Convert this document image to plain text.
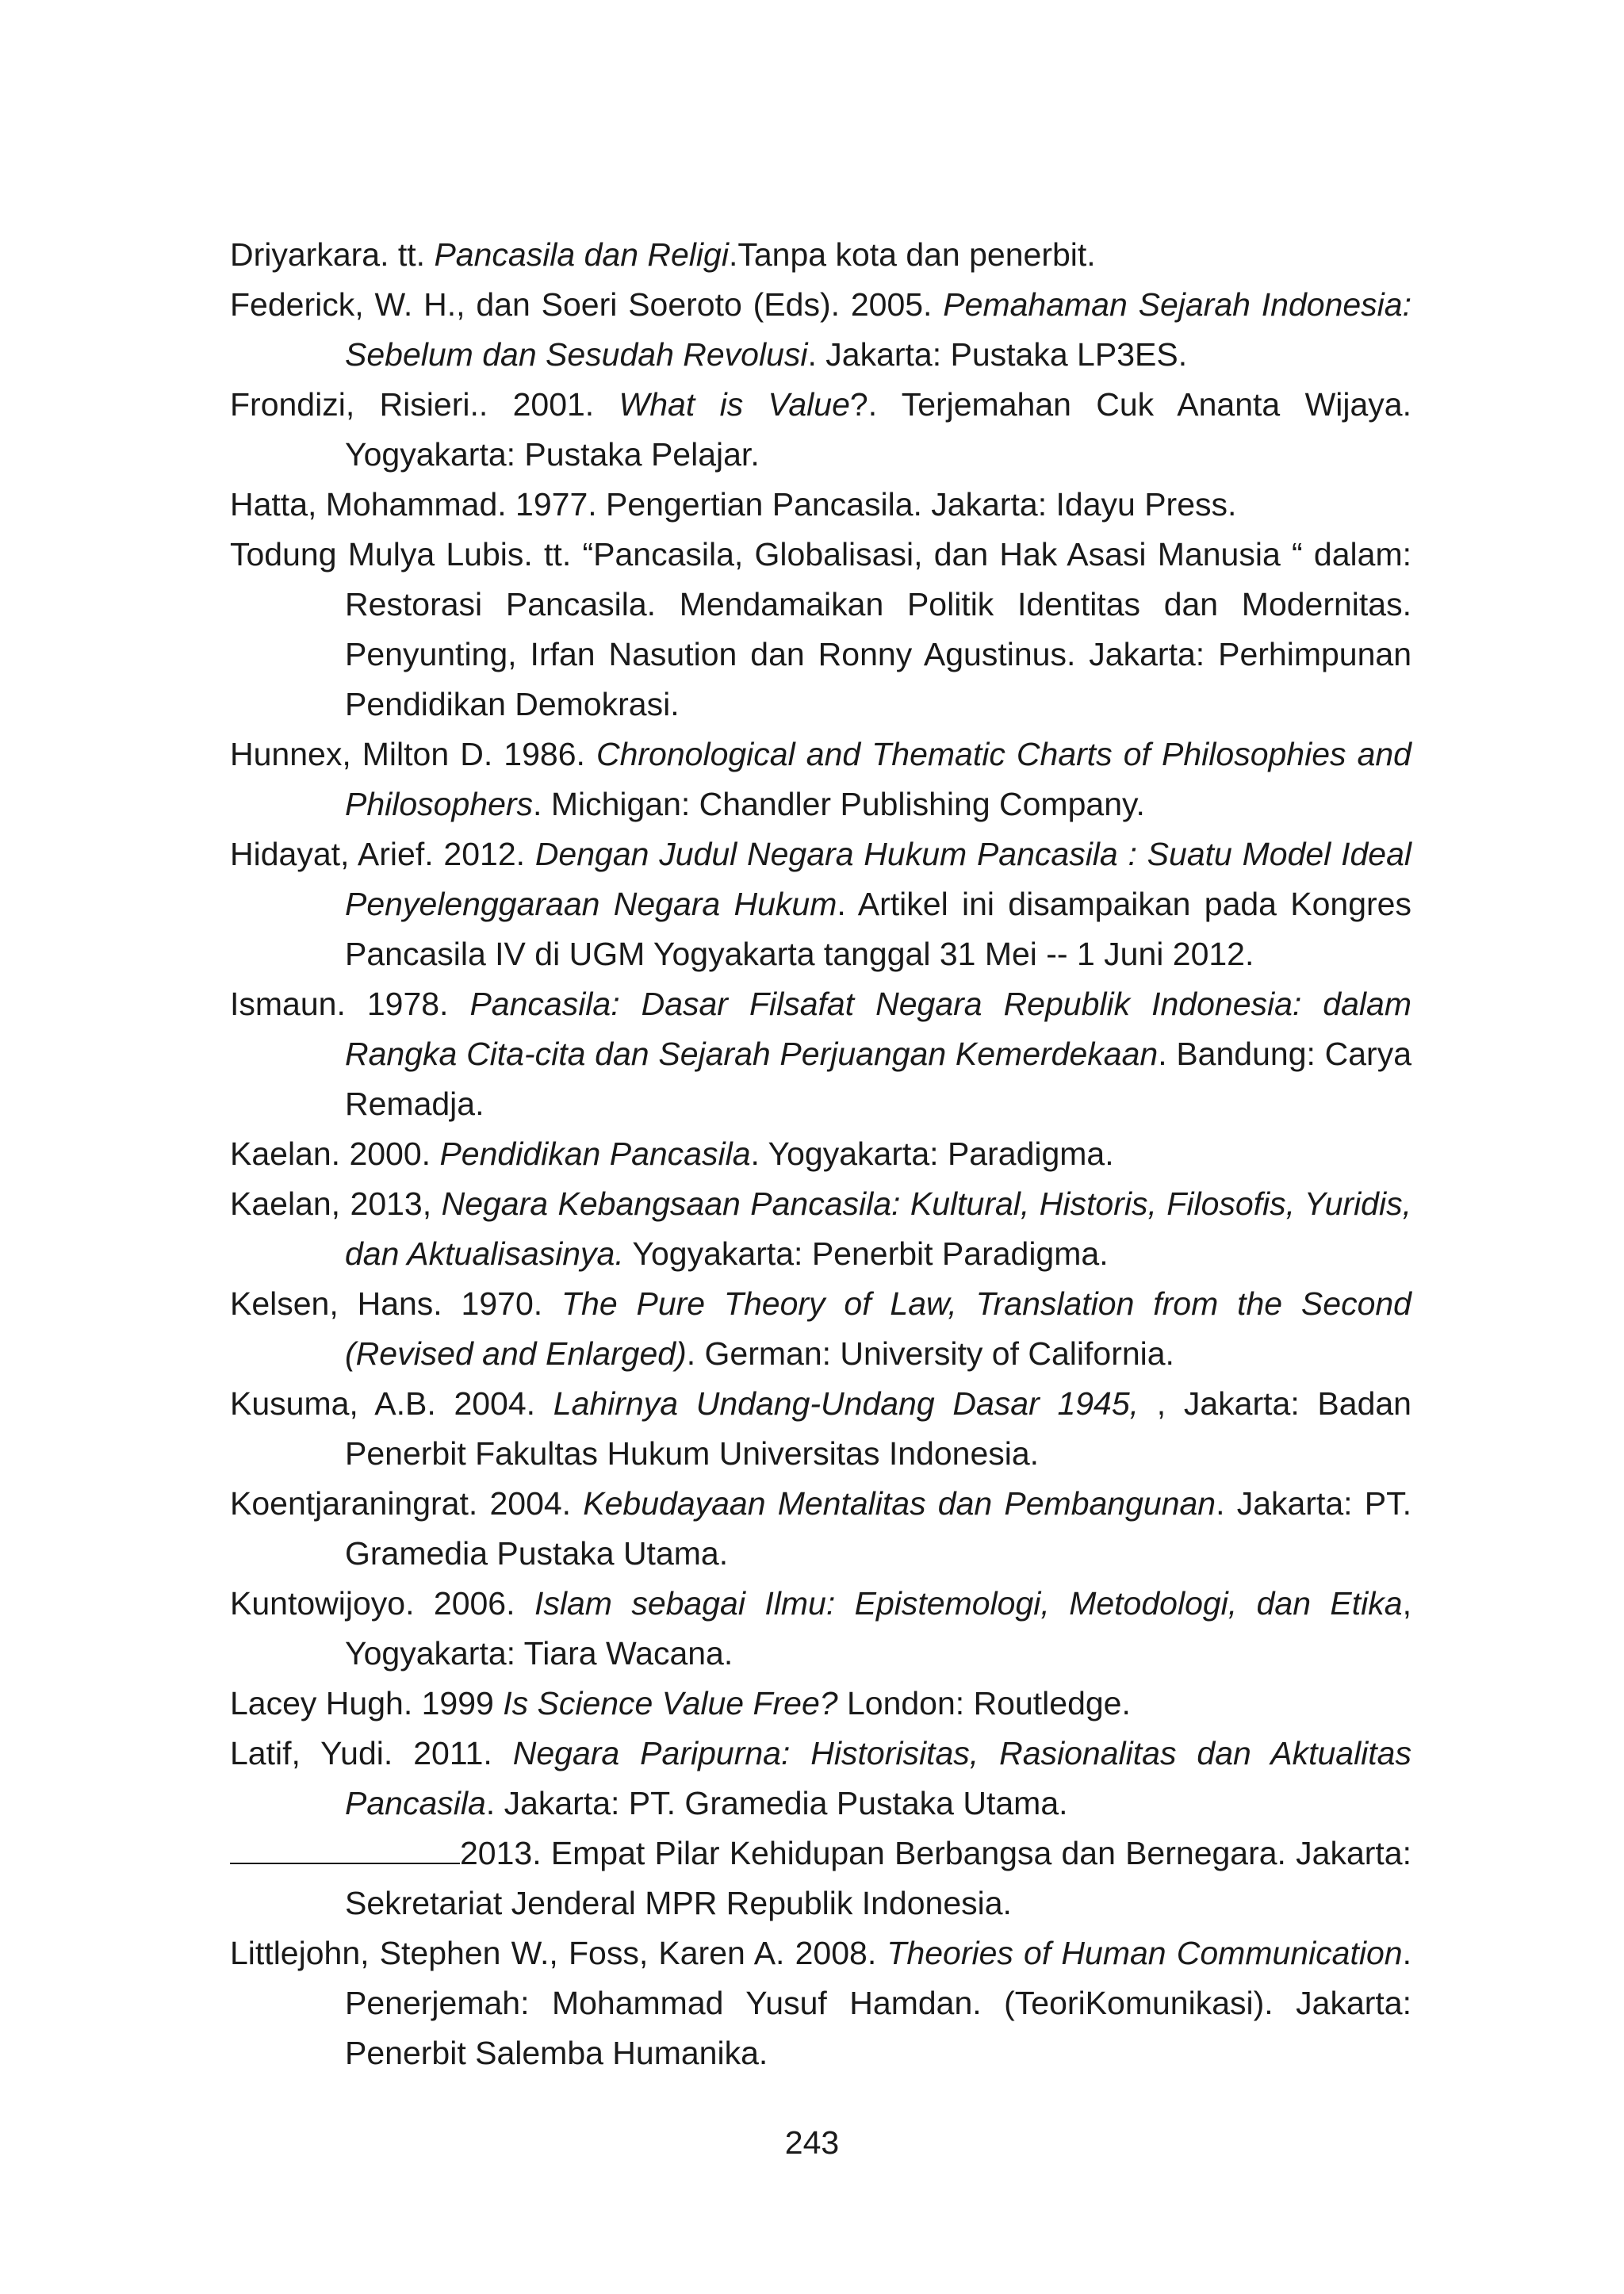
Driyarkara. tt. Pancasila dan Religi.Tanpa kota dan penerbit.

Federick, W. H., dan Soeri Soeroto (Eds). 2005. Pemahaman Sejarah Indonesia: Sebelum dan Sesudah Revolusi. Jakarta: Pustaka LP3ES.

Frondizi, Risieri.. 2001. What is Value?. Terjemahan Cuk Ananta Wijaya. Yogyakarta: Pustaka Pelajar.

Hatta, Mohammad. 1977. Pengertian Pancasila. Jakarta: Idayu Press.

Todung Mulya Lubis. tt. “Pancasila, Globalisasi, dan Hak Asasi Manusia “ dalam: Restorasi Pancasila. Mendamaikan Politik Identitas dan Modernitas. Penyunting, Irfan Nasution dan Ronny Agustinus. Jakarta: Perhimpunan Pendidikan Demokrasi.

Hunnex, Milton D. 1986. Chronological and Thematic Charts of Philosophies and Philosophers. Michigan: Chandler Publishing Company.

Hidayat, Arief. 2012. Dengan Judul Negara Hukum Pancasila : Suatu Model Ideal Penyelenggaraan Negara Hukum. Artikel ini disampaikan pada Kongres Pancasila IV di UGM Yogyakarta tanggal 31 Mei -- 1 Juni 2012.

Ismaun. 1978. Pancasila: Dasar Filsafat Negara Republik Indonesia: dalam Rangka Cita-cita dan Sejarah Perjuangan Kemerdekaan. Bandung: Carya Remadja.

Kaelan. 2000. Pendidikan Pancasila. Yogyakarta: Paradigma.

Kaelan, 2013, Negara Kebangsaan Pancasila: Kultural, Historis, Filosofis, Yuridis, dan Aktualisasinya. Yogyakarta: Penerbit Paradigma.

Kelsen, Hans. 1970. The Pure Theory of Law, Translation from the Second (Revised and Enlarged). German: University of California.

Kusuma, A.B. 2004. Lahirnya Undang-Undang Dasar 1945, , Jakarta: Badan Penerbit Fakultas Hukum Universitas Indonesia.

Koentjaraningrat. 2004. Kebudayaan Mentalitas dan Pembangunan. Jakarta: PT. Gramedia Pustaka Utama.

Kuntowijoyo. 2006. Islam sebagai Ilmu: Epistemologi, Metodologi, dan Etika, Yogyakarta: Tiara Wacana.

Lacey Hugh. 1999 Is Science Value Free? London: Routledge.

Latif, Yudi. 2011. Negara Paripurna: Historisitas, Rasionalitas dan Aktualitas Pancasila. Jakarta: PT. Gramedia Pustaka Utama.

2013. Empat Pilar Kehidupan Berbangsa dan Bernegara. Jakarta: Sekretariat Jenderal MPR Republik Indonesia.

Littlejohn, Stephen W., Foss, Karen A. 2008. Theories of Human Communication. Penerjemah: Mohammad Yusuf Hamdan. (TeoriKomunikasi). Jakarta: Penerbit Salemba Humanika.

243
